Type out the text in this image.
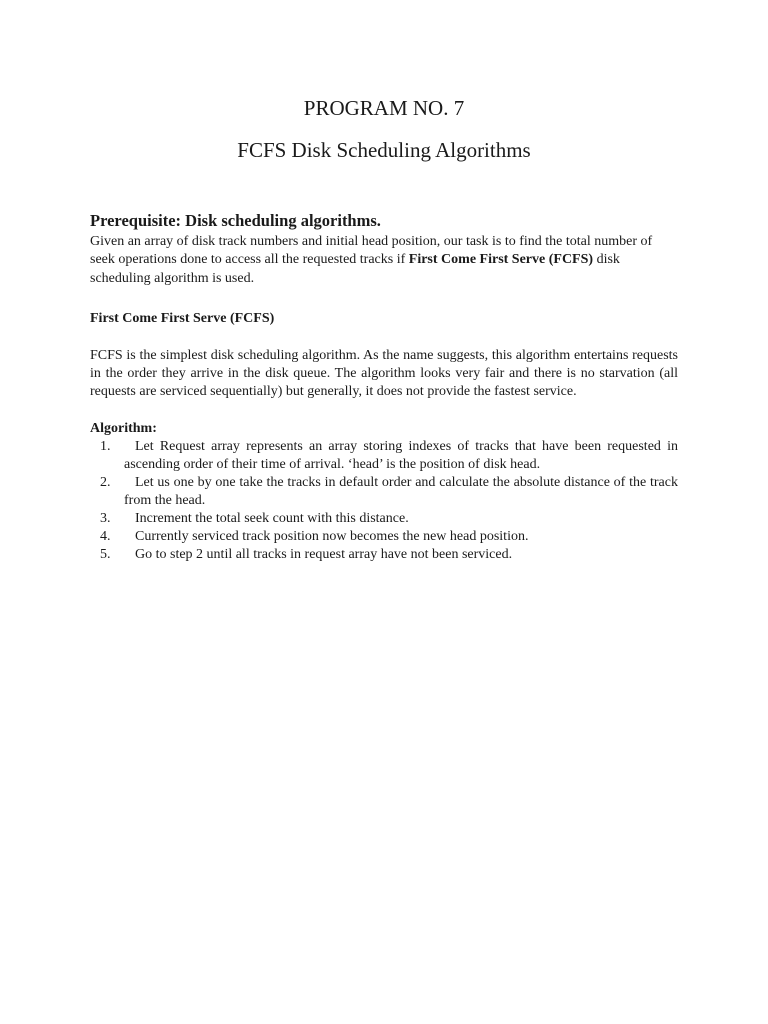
PROGRAM NO. 7
FCFS Disk Scheduling Algorithms

Prerequisite: Disk scheduling algorithms.

Given an array of disk track numbers and initial head position, our task is to find the total number of seek operations done to access all the requested tracks if First Come First Serve (FCFS) disk scheduling algorithm is used.

First Come First Serve (FCFS)

FCFS is the simplest disk scheduling algorithm. As the name suggests, this algorithm entertains requests in the order they arrive in the disk queue. The algorithm looks very fair and there is no starvation (all requests are serviced sequentially) but generally, it does not provide the fastest service.

Algorithm:

1.	Let Request array represents an array storing indexes of tracks that have been requested in ascending order of their time of arrival. ‘head’ is the position of disk head.
2.	Let us one by one take the tracks in default order and calculate the absolute distance of the track from the head.
3.	Increment the total seek count with this distance.
4.	Currently serviced track position now becomes the new head position.
5.	Go to step 2 until all tracks in request array have not been serviced.
